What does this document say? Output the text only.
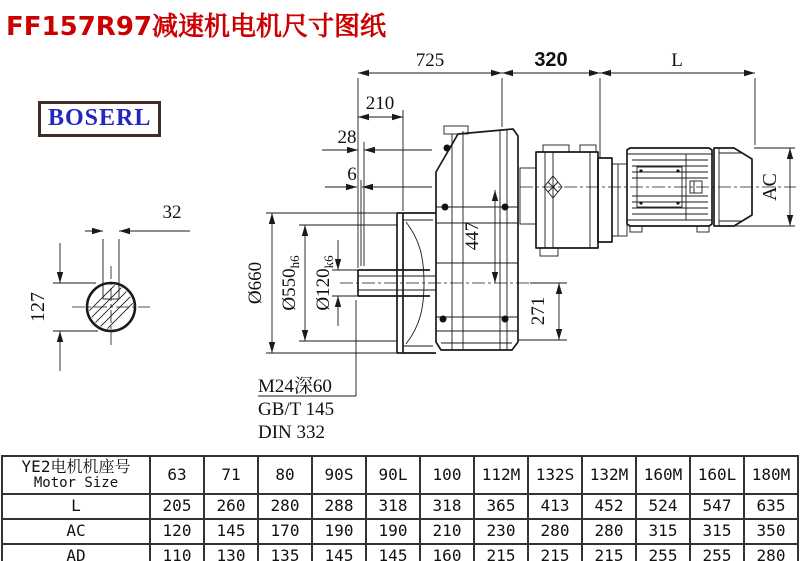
FF157R97减速机电机尺寸图纸
BOSERL
725	320	L
210
28
6
32
127
Ø660 $Ø550_{h6}$
$Ø120_{k6}$
447
271
AC
M24深60
GB/T 145
DIN 332
YE2电机机座号
Motor Size	63	71	80	90S	90L	100	112M	132S	132M	160M	160L	180M
L	205	260	280	288	318	318	365	413	452	524	547	635
AC	120	145	170	190	190	210	230	280	280	315	315	350
AD	110	130	135	145	145	160	215	215	215	255	255	280
